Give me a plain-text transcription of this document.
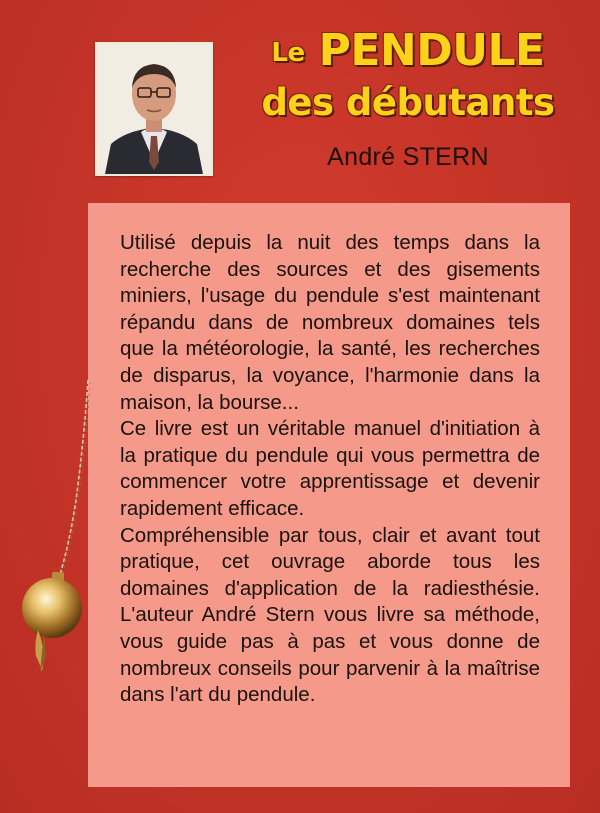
Le PENDULE
des débutants
André STERN

Utilisé depuis la nuit des temps dans la recherche des sources et des gisements miniers, l'usage du pendule s'est maintenant répandu dans de nombreux domaines tels que la météorologie, la santé, les recherches de disparus, la voyance, l'harmonie dans la maison, la bourse...

Ce livre est un véritable manuel d'initiation à la pratique du pendule qui vous permettra de commencer votre apprentissage et devenir rapidement efficace.

Compréhensible par tous, clair et avant tout pratique, cet ouvrage aborde tous les domaines d'application de la radiesthésie. L'auteur André Stern vous livre sa méthode, vous guide pas à pas et vous donne de nombreux conseils pour parvenir à la maîtrise dans l'art du pendule.
